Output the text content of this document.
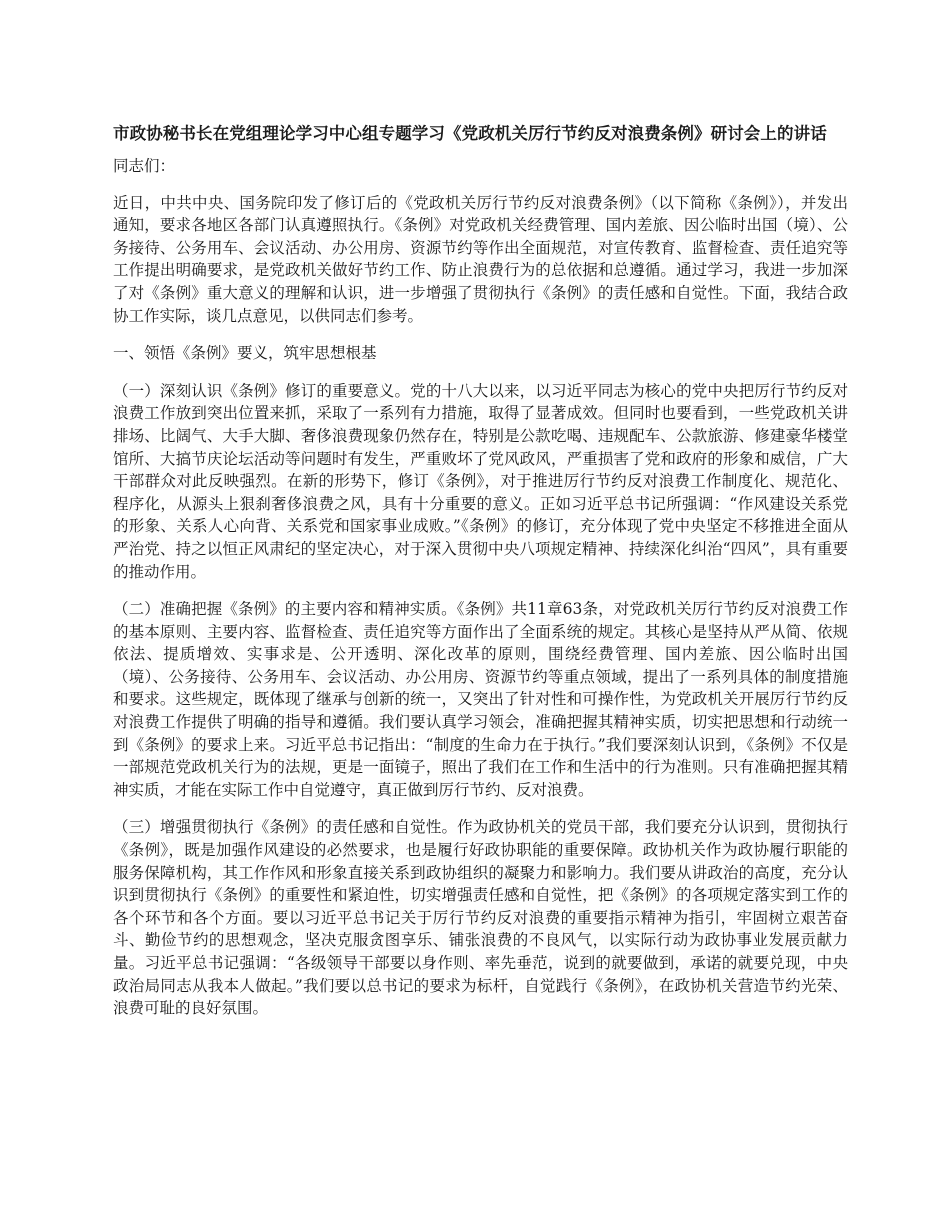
市政协秘书长在党组理论学习中心组专题学习《党政机关厉行节约反对浪费条例》研讨会上的讲话

同志们：

近日，中共中央、国务院印发了修订后的《党政机关厉行节约反对浪费条例》（以下简称《条例》），并发出通知，要求各地区各部门认真遵照执行。《条例》对党政机关经费管理、国内差旅、因公临时出国（境）、公务接待、公务用车、会议活动、办公用房、资源节约等作出全面规范，对宣传教育、监督检查、责任追究等工作提出明确要求，是党政机关做好节约工作、防止浪费行为的总依据和总遵循。通过学习，我进一步加深了对《条例》重大意义的理解和认识，进一步增强了贯彻执行《条例》的责任感和自觉性。下面，我结合政协工作实际，谈几点意见，以供同志们参考。

一、领悟《条例》要义，筑牢思想根基

（一）深刻认识《条例》修订的重要意义。党的十八大以来，以习近平同志为核心的党中央把厉行节约反对浪费工作放到突出位置来抓，采取了一系列有力措施，取得了显著成效。但同时也要看到，一些党政机关讲排场、比阔气、大手大脚、奢侈浪费现象仍然存在，特别是公款吃喝、违规配车、公款旅游、修建豪华楼堂馆所、大搞节庆论坛活动等问题时有发生，严重败坏了党风政风，严重损害了党和政府的形象和威信，广大干部群众对此反映强烈。在新的形势下，修订《条例》，对于推进厉行节约反对浪费工作制度化、规范化、程序化，从源头上狠刹奢侈浪费之风，具有十分重要的意义。正如习近平总书记所强调：“作风建设关系党的形象、关系人心向背、关系党和国家事业成败。”《条例》的修订，充分体现了党中央坚定不移推进全面从严治党、持之以恒正风肃纪的坚定决心，对于深入贯彻中央八项规定精神、持续深化纠治“四风”，具有重要的推动作用。

（二）准确把握《条例》的主要内容和精神实质。《条例》共11章63条，对党政机关厉行节约反对浪费工作的基本原则、主要内容、监督检查、责任追究等方面作出了全面系统的规定。其核心是坚持从严从简、依规依法、提质增效、实事求是、公开透明、深化改革的原则，围绕经费管理、国内差旅、因公临时出国（境）、公务接待、公务用车、会议活动、办公用房、资源节约等重点领域，提出了一系列具体的制度措施和要求。这些规定，既体现了继承与创新的统一，又突出了针对性和可操作性，为党政机关开展厉行节约反对浪费工作提供了明确的指导和遵循。我们要认真学习领会，准确把握其精神实质，切实把思想和行动统一到《条例》的要求上来。习近平总书记指出：“制度的生命力在于执行。”我们要深刻认识到，《条例》不仅是一部规范党政机关行为的法规，更是一面镜子，照出了我们在工作和生活中的行为准则。只有准确把握其精神实质，才能在实际工作中自觉遵守，真正做到厉行节约、反对浪费。

（三）增强贯彻执行《条例》的责任感和自觉性。作为政协机关的党员干部，我们要充分认识到，贯彻执行《条例》，既是加强作风建设的必然要求，也是履行好政协职能的重要保障。政协机关作为政协履行职能的服务保障机构，其工作作风和形象直接关系到政协组织的凝聚力和影响力。我们要从讲政治的高度，充分认识到贯彻执行《条例》的重要性和紧迫性，切实增强责任感和自觉性，把《条例》的各项规定落实到工作的各个环节和各个方面。要以习近平总书记关于厉行节约反对浪费的重要指示精神为指引，牢固树立艰苦奋斗、勤俭节约的思想观念，坚决克服贪图享乐、铺张浪费的不良风气，以实际行动为政协事业发展贡献力量。习近平总书记强调：“各级领导干部要以身作则、率先垂范，说到的就要做到，承诺的就要兑现，中央政治局同志从我本人做起。”我们要以总书记的要求为标杆，自觉践行《条例》，在政协机关营造节约光荣、浪费可耻的良好氛围。
